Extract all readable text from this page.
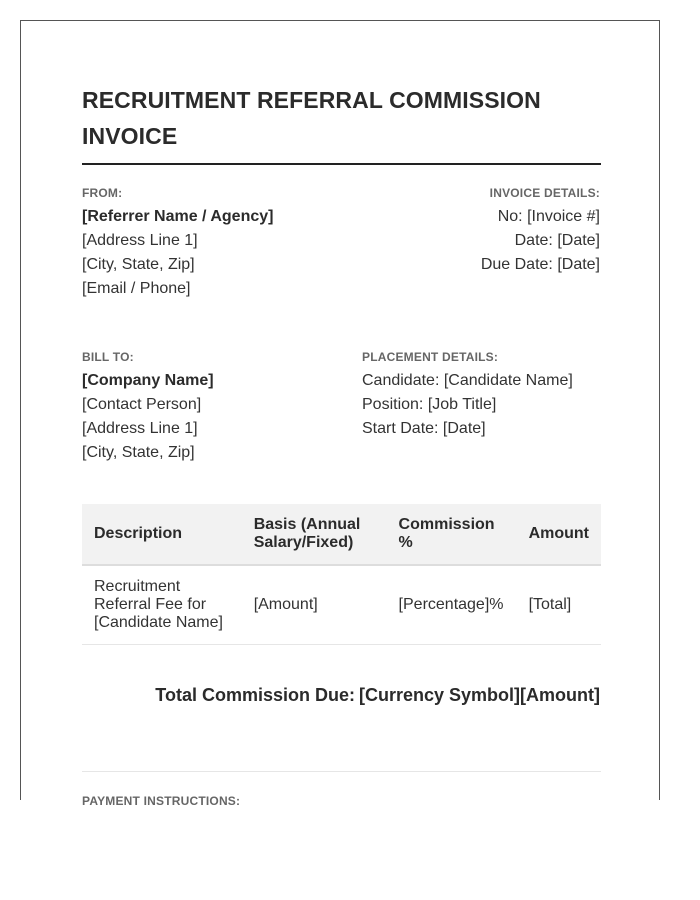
RECRUITMENT REFERRAL COMMISSION INVOICE
FROM:
[Referrer Name / Agency]
[Address Line 1]
[City, State, Zip]
[Email / Phone]
INVOICE DETAILS:
No: [Invoice #]
Date: [Date]
Due Date: [Date]
BILL TO:
[Company Name]
[Contact Person]
[Address Line 1]
[City, State, Zip]
PLACEMENT DETAILS:
Candidate: [Candidate Name]
Position: [Job Title]
Start Date: [Date]
Description	Basis (Annual Salary/Fixed)	Commission %	Amount
Recruitment Referral Fee for [Candidate Name]	[Amount]	[Percentage]%	[Total]
Total Commission Due: [Currency Symbol][Amount]
PAYMENT INSTRUCTIONS:
